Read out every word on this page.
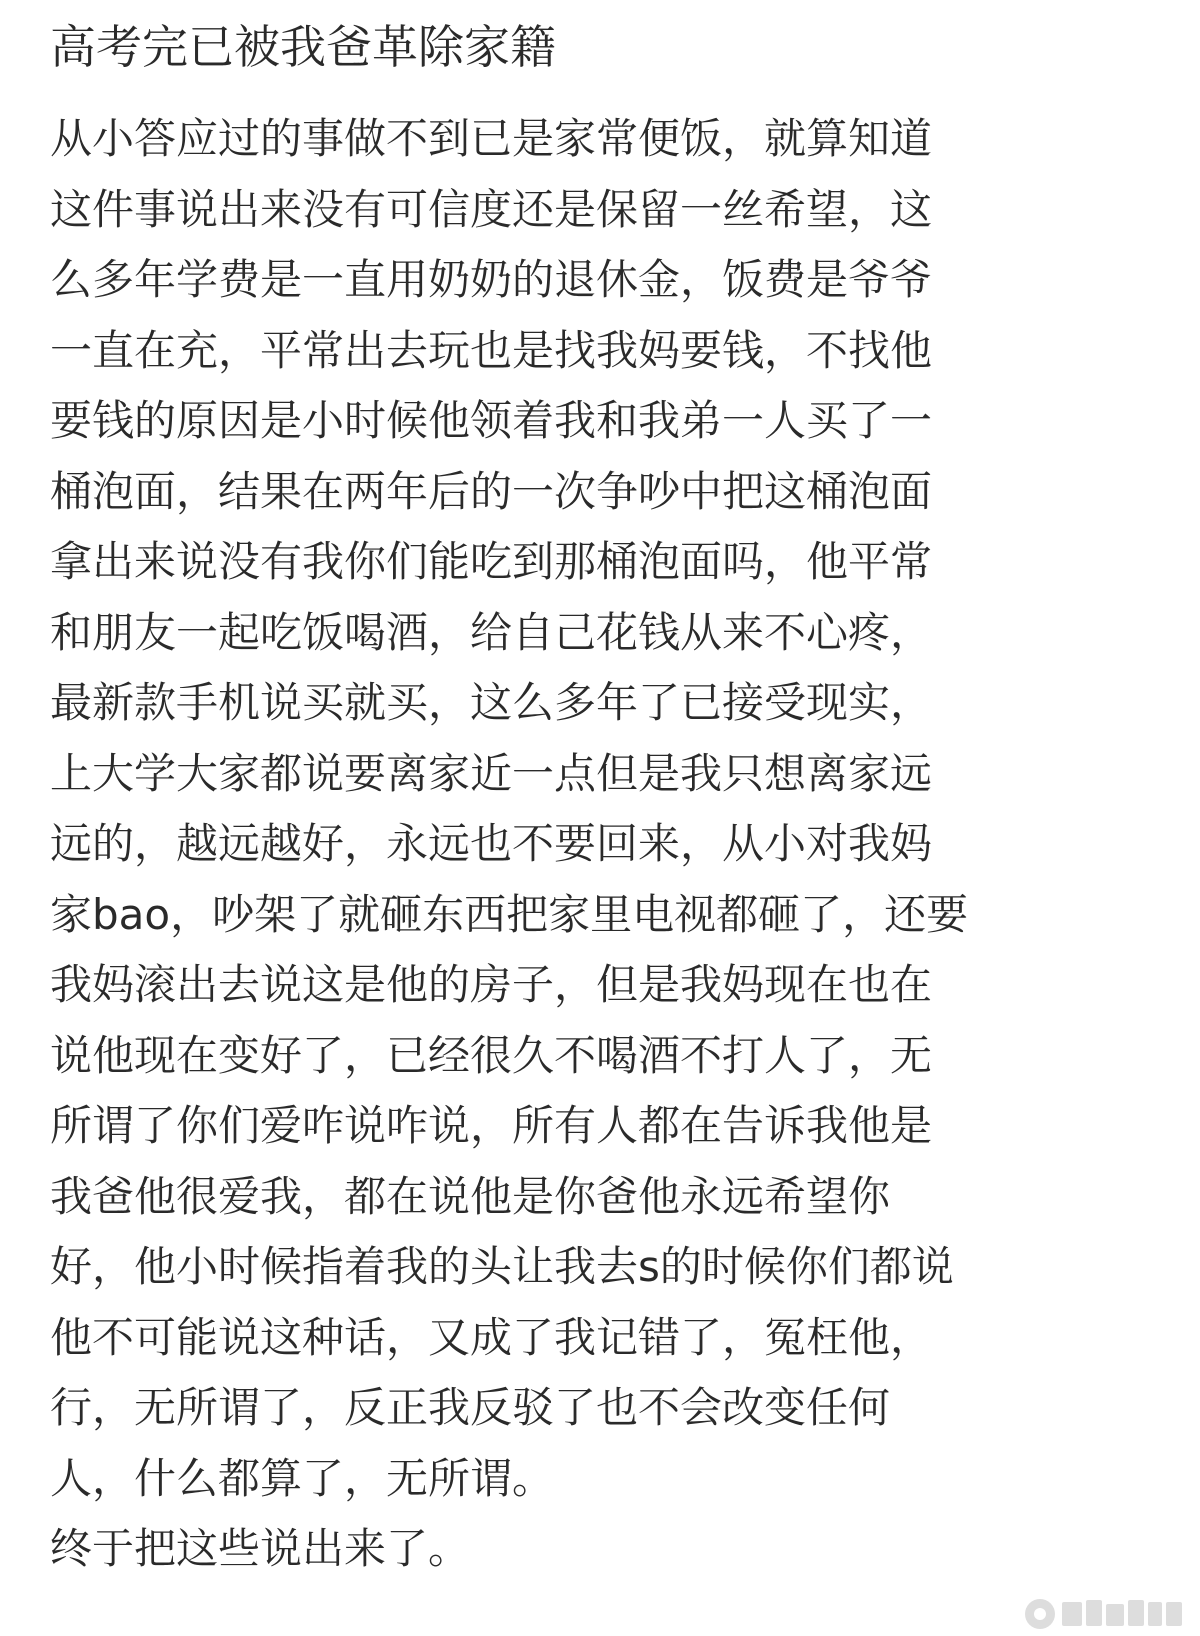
高考完已被我爸革除家籍
从小答应过的事做不到已是家常便饭，就算知道
这件事说出来没有可信度还是保留一丝希望，这
么多年学费是一直用奶奶的退休金，饭费是爷爷
一直在充，平常出去玩也是找我妈要钱，不找他
要钱的原因是小时候他领着我和我弟一人买了一
桶泡面，结果在两年后的一次争吵中把这桶泡面
拿出来说没有我你们能吃到那桶泡面吗，他平常
和朋友一起吃饭喝酒，给自己花钱从来不心疼，
最新款手机说买就买，这么多年了已接受现实，
上大学大家都说要离家近一点但是我只想离家远
远的，越远越好，永远也不要回来，从小对我妈
家bao，吵架了就砸东西把家里电视都砸了，还要
我妈滚出去说这是他的房子，但是我妈现在也在
说他现在变好了，已经很久不喝酒不打人了，无
所谓了你们爱咋说咋说，所有人都在告诉我他是
我爸他很爱我，都在说他是你爸他永远希望你
好，他小时候指着我的头让我去s的时候你们都说
他不可能说这种话，又成了我记错了，冤枉他，
行，无所谓了，反正我反驳了也不会改变任何
人，什么都算了，无所谓。
终于把这些说出来了。
